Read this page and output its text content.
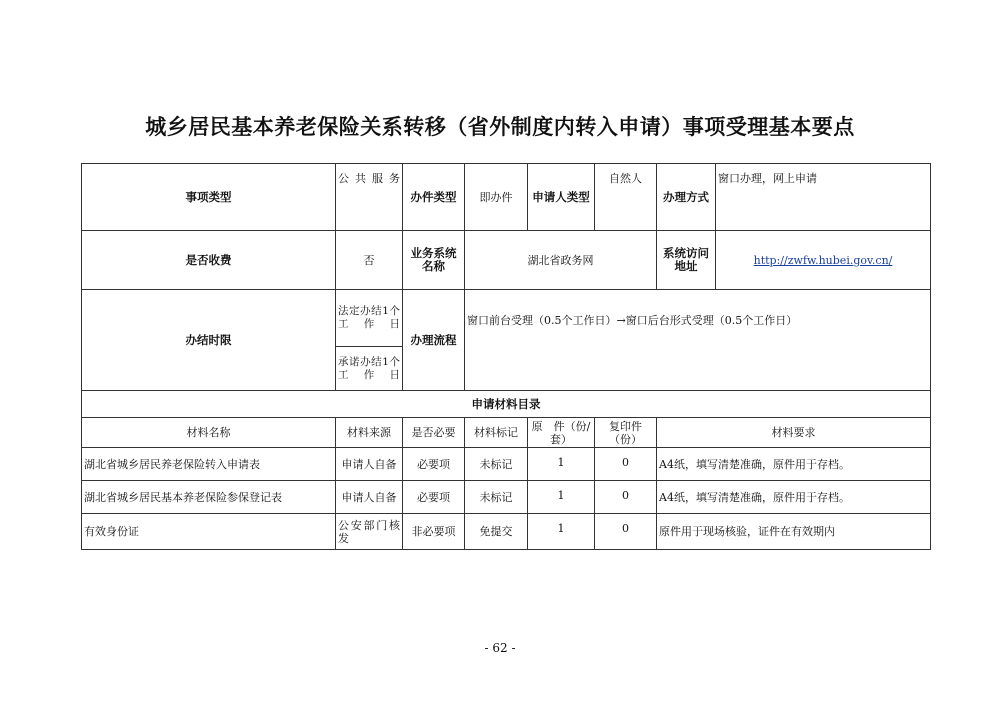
城乡居民基本养老保险关系转移（省外制度内转入申请）事项受理基本要点
事项类型	公共服务	办件类型	即办件	申请人类型	自然人	办理方式	窗口办理，网上申请
是否收费	否	业务系统名称	湖北省政务网			系统访问地址	http://zwfw.hubei.gov.cn/
办结时限	法定办结1个工作日	办理流程	窗口前台受理（0.5个工作日）→窗口后台形式受理（0.5个工作日）				
	承诺办结1个工作日						
申请材料目录							
材料名称	材料来源	是否必要	材料标记	原　件（份/套）	复印件（份）	材料要求	
湖北省城乡居民养老保险转入申请表	申请人自备	必要项	未标记	1	0	A4纸，填写清楚准确，原件用于存档。	
湖北省城乡居民基本养老保险参保登记表	申请人自备	必要项	未标记	1	0	A4纸，填写清楚准确，原件用于存档。	
有效身份证	公安部门核发	非必要项	免提交	1	0	原件用于现场核验，证件在有效期内	
- 62 -
